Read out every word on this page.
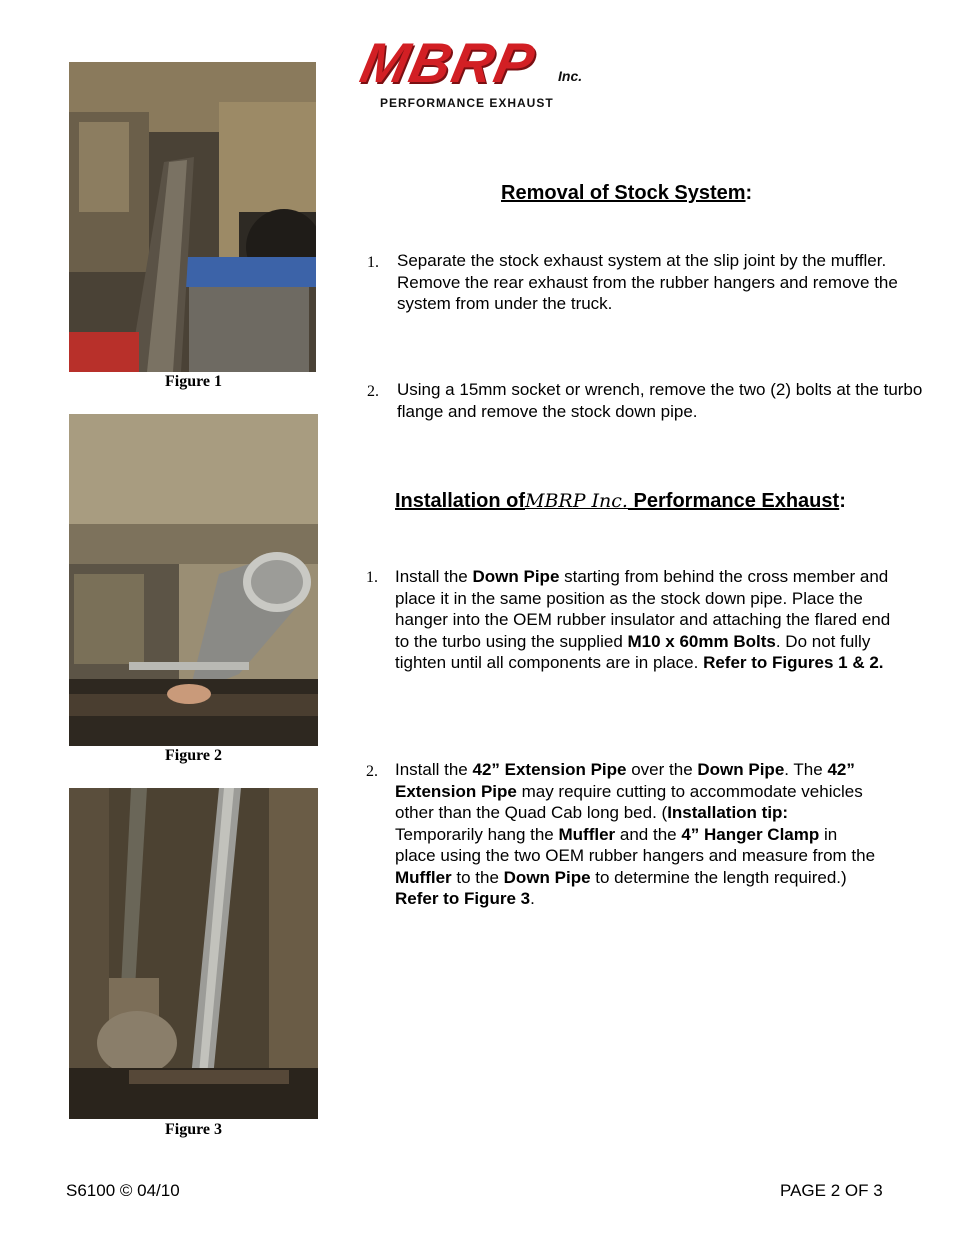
MBRP Inc.
PERFORMANCE EXHAUST
Figure 1
Figure 2
Figure 3
Removal of Stock System:
1. Separate the stock exhaust system at the slip joint by the muffler. Remove the rear exhaust from the rubber hangers and remove the system from under the truck.
2. Using a 15mm socket or wrench, remove the two (2) bolts at the turbo flange and remove the stock down pipe.
Installation ofMBRP Inc. Performance Exhaust:
1. Install the Down Pipe starting from behind the cross member and place it in the same position as the stock down pipe. Place the hanger into the OEM rubber insulator and attaching the flared end to the turbo using the supplied M10 x 60mm Bolts. Do not fully tighten until all components are in place. Refer to Figures 1 & 2.
2. Install the 42” Extension Pipe over the Down Pipe. The 42” Extension Pipe may require cutting to accommodate vehicles other than the Quad Cab long bed. (Installation tip: Temporarily hang the Muffler and the 4” Hanger Clamp in place using the two OEM rubber hangers and measure from the Muffler to the Down Pipe to determine the length required.) Refer to Figure 3.
S6100 © 04/10	PAGE 2 OF 3
